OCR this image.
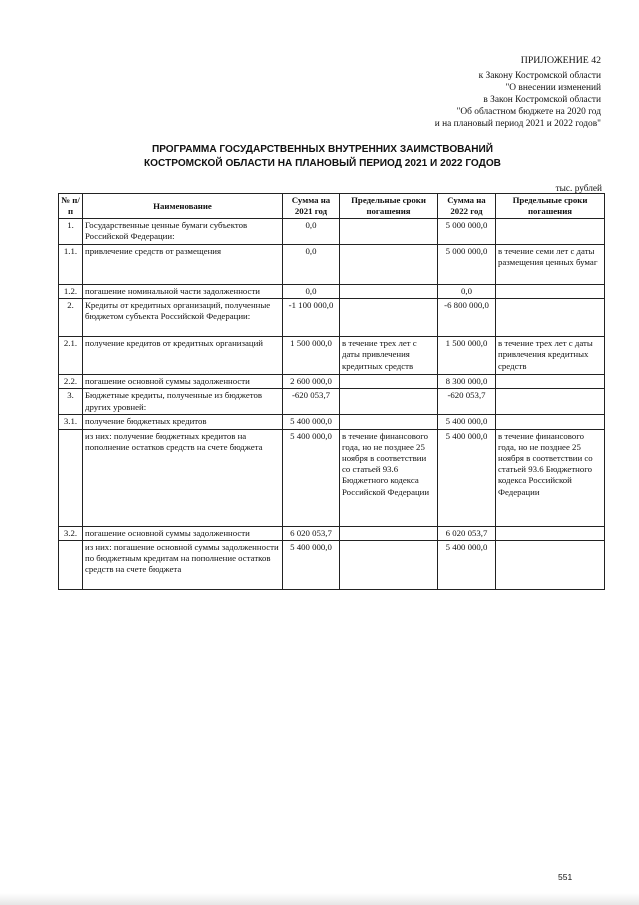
ПРИЛОЖЕНИЕ 42
к Закону Костромской области
"О внесении изменений
в Закон Костромской области
"Об областном бюджете на 2020 год
и на плановый период 2021 и 2022 годов"
ПРОГРАММА ГОСУДАРСТВЕННЫХ ВНУТРЕННИХ ЗАИМСТВОВАНИЙ
КОСТРОМСКОЙ ОБЛАСТИ НА ПЛАНОВЫЙ ПЕРИОД 2021 И 2022 ГОДОВ
тыс. рублей
№ п/п	Наименование	Сумма на 2021 год	Предельные сроки погашения	Сумма на 2022 год	Предельные сроки погашения
1.	Государственные ценные бумаги субъектов Российской Федерации:	0,0		5 000 000,0	
1.1.	привлечение средств от размещения	0,0		5 000 000,0	в течение семи лет с даты размещения ценных бумаг
1.2.	погашение номинальной части задолженности	0,0		0,0	
2.	Кредиты от кредитных организаций, полученные бюджетом субъекта Российской Федерации:	-1 100 000,0		-6 800 000,0	
2.1.	получение кредитов от кредитных организаций	1 500 000,0	в течение трех лет с даты привлечения кредитных средств	1 500 000,0	в течение трех лет с даты привлечения кредитных средств
2.2.	погашение основной суммы задолженности	2 600 000,0		8 300 000,0	
3.	Бюджетные кредиты, полученные из бюджетов других уровней:	-620 053,7		-620 053,7	
3.1.	получение бюджетных кредитов	5 400 000,0		5 400 000,0	
	из них: получение бюджетных кредитов на пополнение остатков средств на счете бюджета	5 400 000,0	в течение финансового года, но не позднее 25 ноября в соответствии со статьей 93.6 Бюджетного кодекса Российской Федерации	5 400 000,0	в течение финансового года, но не позднее 25 ноября в соответствии со статьей 93.6 Бюджетного кодекса Российской Федерации
3.2.	погашение основной суммы задолженности	6 020 053,7		6 020 053,7	
	из них: погашение основной суммы задолженности по бюджетным кредитам на пополнение остатков средств на счете бюджета	5 400 000,0		5 400 000,0	
551
